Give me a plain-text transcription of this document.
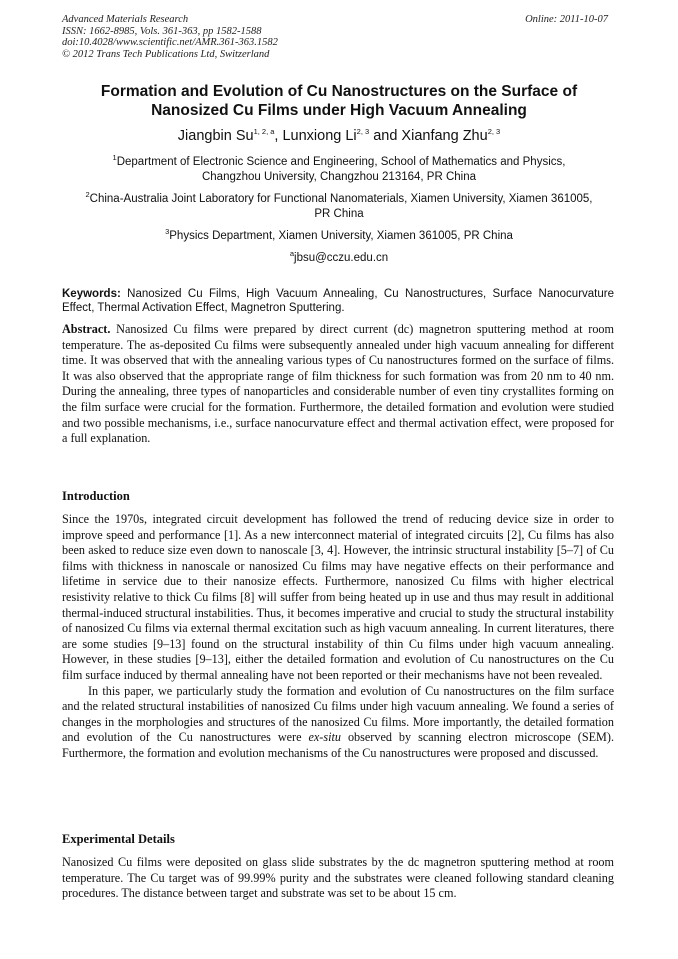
Advanced Materials Research
ISSN: 1662-8985, Vols. 361-363, pp 1582-1588
doi:10.4028/www.scientific.net/AMR.361-363.1582
© 2012 Trans Tech Publications Ltd, Switzerland
Online: 2011-10-07
Formation and Evolution of Cu Nanostructures on the Surface of
Nanosized Cu Films under High Vacuum Annealing
Jiangbin Su$^{1, 2, a}$, Lunxiong Li$^{2, 3}$ and Xianfang Zhu$^{2, 3}$
$^1$Department of Electronic Science and Engineering, School of Mathematics and Physics,
Changzhou University, Changzhou 213164, PR China
$^2$China-Australia Joint Laboratory for Functional Nanomaterials, Xiamen University, Xiamen 361005,
PR China
$^3$Physics Department, Xiamen University, Xiamen 361005, PR China
$^a$jbsu@cczu.edu.cn
Keywords: Nanosized Cu Films, High Vacuum Annealing, Cu Nanostructures, Surface Nanocurvature Effect, Thermal Activation Effect, Magnetron Sputtering.

Abstract. Nanosized Cu films were prepared by direct current (dc) magnetron sputtering method at room temperature. The as-deposited Cu films were subsequently annealed under high vacuum annealing for different time. It was observed that with the annealing various types of Cu nanostructures formed on the surface of films. It was also observed that the appropriate range of film thickness for such formation was from 20 nm to 40 nm. During the annealing, three types of nanoparticles and considerable number of even tiny crystallites forming on the film surface were crucial for the formation. Furthermore, the detailed formation and evolution were studied and two possible mechanisms, i.e., surface nanocurvature effect and thermal activation effect, were proposed for a full explanation.

Introduction

Since the 1970s, integrated circuit development has followed the trend of reducing device size in order to improve speed and performance [1]. As a new interconnect material of integrated circuits [2], Cu films has also been asked to reduce size even down to nanoscale [3, 4]. However, the intrinsic structural instability [5–7] of Cu films with thickness in nanoscale or nanosized Cu films may have negative effects on their performance and lifetime in service due to their nanosize effects. Furthermore, nanosized Cu films with higher electrical resistivity relative to thick Cu films [8] will suffer from being heated up in use and thus may result in additional thermal-induced structural instabilities. Thus, it becomes imperative and crucial to study the structural instability of nanosized Cu films via external thermal excitation such as high vacuum annealing. In current literatures, there are some studies [9–13] found on the structural instability of thin Cu films under high vacuum annealing. However, in these studies [9–13], either the detailed formation and evolution of Cu nanostructures on the Cu film surface induced by thermal annealing have not been reported or their mechanisms have not been revealed.

In this paper, we particularly study the formation and evolution of Cu nanostructures on the film surface and the related structural instabilities of nanosized Cu films under high vacuum annealing. We found a series of changes in the morphologies and structures of the nanosized Cu films. More importantly, the detailed formation and evolution of the Cu nanostructures were ex-situ observed by scanning electron microscope (SEM). Furthermore, the formation and evolution mechanisms of the Cu nanostructures were proposed and discussed.

Experimental Details

Nanosized Cu films were deposited on glass slide substrates by the dc magnetron sputtering method at room temperature. The Cu target was of 99.99% purity and the substrates were cleaned following standard cleaning procedures. The distance between target and substrate was set to be about 15 cm.
